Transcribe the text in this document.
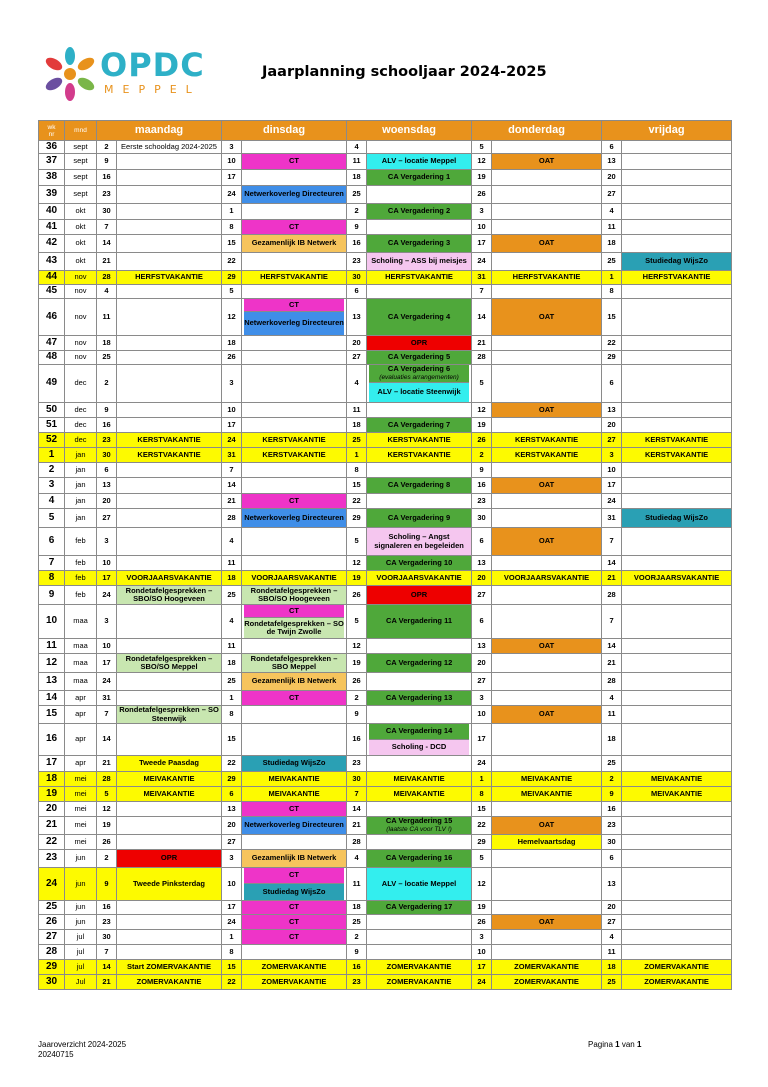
OPDC
MEPPEL
Jaarplanning schooljaar 2024-2025
wk
nr	mnd	maandag		dinsdag		woensdag		donderdag		vrijdag	
36	sept	2	Eerste schooldag 2024-2025	3		4		5		6	
37	sept	9		10	CT	11	ALV – locatie Meppel	12	OAT	13	
38	sept	16		17		18	CA Vergadering 1	19		20	
39	sept	23		24	Netwerkoverleg Directeuren	25		26		27	
40	okt	30		1		2	CA Vergadering 2	3		4	
41	okt	7		8	CT	9		10		11	
42	okt	14		15	Gezamenlijk IB Netwerk	16	CA Vergadering 3	17	OAT	18	
43	okt	21		22		23	Scholing – ASS bij meisjes	24		25	Studiedag WijsZo

44	nov	28	HERFSTVAKANTIE	29	HERFSTVAKANTIE	30	HERFSTVAKANTIE	31	HERFSTVAKANTIE	1	HERFSTVAKANTIE

45	nov	4		5		6		7		8	
46	nov	11		12	CT
Netwerkoverleg Directeuren	13	CA Vergadering 4	14	OAT	15	
47	nov	18		18		20	OPR	21		22	
48	nov	25		26		27	CA Vergadering 5	28		29	
49	dec	2		3		4	CA Vergadering 6
(evaluaties arrangementen)
ALV – locatie Steenwijk	5		6	
50	dec	9		10		11		12	OAT	13	
51	dec	16		17		18	CA Vergadering 7	19		20	
52	dec	23	KERSTVAKANTIE	24	KERSTVAKANTIE	25	KERSTVAKANTIE	26	KERSTVAKANTIE	27	KERSTVAKANTIE

1	jan	30	KERSTVAKANTIE	31	KERSTVAKANTIE	1	KERSTVAKANTIE	2	KERSTVAKANTIE	3	KERSTVAKANTIE

2	jan	6		7		8		9		10	
3	jan	13		14		15	CA Vergadering 8	16	OAT	17	
4	jan	20		21	CT	22		23		24	
5	jan	27		28	Netwerkoverleg Directeuren	29	CA Vergadering 9	30		31	Studiedag WijsZo

6	feb	3		4		5	Scholing – Angst signaleren en begeleiden	6	OAT	7	
7	feb	10		11		12	CA Vergadering 10	13		14	
8	feb	17	VOORJAARSVAKANTIE	18	VOORJAARSVAKANTIE	19	VOORJAARSVAKANTIE	20	VOORJAARSVAKANTIE	21	VOORJAARSVAKANTIE

9	feb	24	Rondetafelgesprekken – SBO/SO Hoogeveen	25	Rondetafelgesprekken – SBO/SO Hoogeveen	26	OPR	27		28	
10	maa	3		4	CT
Rondetafelgesprekken – SO de Twijn Zwolle	5	CA Vergadering 11	6		7	
11	maa	10		11		12		13	OAT	14	
12	maa	17	Rondetafelgesprekken – SBO/SO Meppel	18	Rondetafelgesprekken – SBO Meppel	19	CA Vergadering 12	20		21	
13	maa	24		25	Gezamenlijk IB Netwerk	26		27		28	
14	apr	31		1	CT	2	CA Vergadering 13	3		4	
15	apr	7	Rondetafelgesprekken – SO Steenwijk	8		9		10	OAT	11	
16	apr	14		15		16	CA Vergadering 14
Scholing - DCD	17		18	
17	apr	21	Tweede Paasdag	22	Studiedag WijsZo	23		24		25	
18	mei	28	MEIVAKANTIE	29	MEIVAKANTIE	30	MEIVAKANTIE	1	MEIVAKANTIE	2	MEIVAKANTIE

19	mei	5	MEIVAKANTIE	6	MEIVAKANTIE	7	MEIVAKANTIE	8	MEIVAKANTIE	9	MEIVAKANTIE

20	mei	12		13	CT	14		15		16	
21	mei	19		20	Netwerkoverleg Directeuren	21	CA Vergadering 15
(laatste CA voor TLV !)	22	OAT	23	
22	mei	26		27		28		29	Hemelvaartsdag	30	
23	jun	2	OPR	3	Gezamenlijk IB Netwerk	4	CA Vergadering 16	5		6	
24	jun	9	Tweede Pinksterdag	10	CT
Studiedag WijsZo	11	ALV – locatie Meppel	12		13	
25	jun	16		17	CT	18	CA Vergadering 17	19		20	
26	jun	23		24	CT	25		26	OAT	27	
27	jul	30		1	CT	2		3		4	
28	jul	7		8		9		10		11	
29	jul	14	Start ZOMERVAKANTIE	15	ZOMERVAKANTIE	16	ZOMERVAKANTIE	17	ZOMERVAKANTIE	18	ZOMERVAKANTIE

30	Jul	21	ZOMERVAKANTIE	22	ZOMERVAKANTIE	23	ZOMERVAKANTIE	24	ZOMERVAKANTIE	25	ZOMERVAKANTIE
Jaaroverzicht 2024-2025
20240715
Pagina 1 van 1
